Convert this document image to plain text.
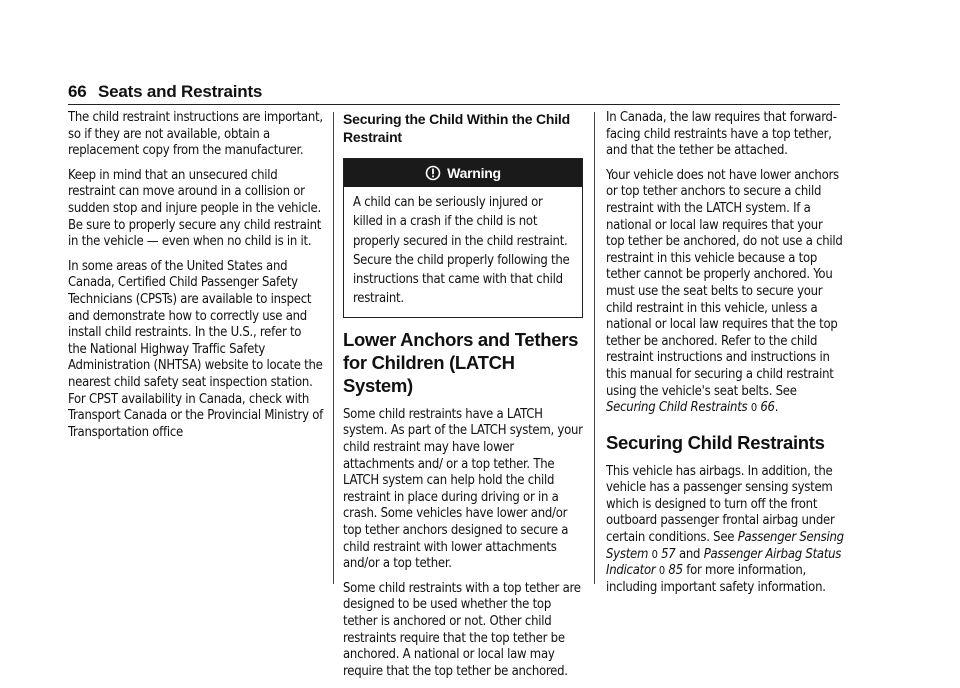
66 Seats and Restraints

The child restraint instructions are important, so if they are not available, obtain a replacement copy from the manufacturer.

Keep in mind that an unsecured child restraint can move around in a collision or sudden stop and injure people in the vehicle. Be sure to properly secure any child restraint in the vehicle — even when no child is in it.

In some areas of the United States and Canada, Certified Child Passenger Safety Technicians (CPSTs) are available to inspect and demonstrate how to correctly use and install child restraints. In the U.S., refer to the National Highway Traffic Safety Administration (NHTSA) website to locate the nearest child safety seat inspection station. For CPST availability in Canada, check with Transport Canada or the Provincial Ministry of Transportation office

Securing the Child Within the Child Restraint
Warning
A child can be seriously injured or killed in a crash if the child is not properly secured in the child restraint. Secure the child properly following the instructions that came with that child restraint.
Lower Anchors and Tethers for Children (LATCH System)

Some child restraints have a LATCH system. As part of the LATCH system, your child restraint may have lower attachments and/ or a top tether. The LATCH system can help hold the child restraint in place during driving or in a crash. Some vehicles have lower and/or top tether anchors designed to secure a child restraint with lower attachments and/or a top tether.

Some child restraints with a top tether are designed to be used whether the top tether is anchored or not. Other child restraints require that the top tether be anchored. A national or local law may require that the top tether be anchored.

In Canada, the law requires that forward-facing child restraints have a top tether, and that the tether be attached.

Your vehicle does not have lower anchors or top tether anchors to secure a child restraint with the LATCH system. If a national or local law requires that your top tether be anchored, do not use a child restraint in this vehicle because a top tether cannot be properly anchored. You must use the seat belts to secure your child restraint in this vehicle, unless a national or local law requires that the top tether be anchored. Refer to the child restraint instructions and instructions in this manual for securing a child restraint using the vehicle's seat belts. See Securing Child Restraints 0 66.

Securing Child Restraints

This vehicle has airbags. In addition, the vehicle has a passenger sensing system which is designed to turn off the front outboard passenger frontal airbag under certain conditions. See Passenger Sensing System 0 57 and Passenger Airbag Status Indicator 0 85 for more information, including important safety information.
